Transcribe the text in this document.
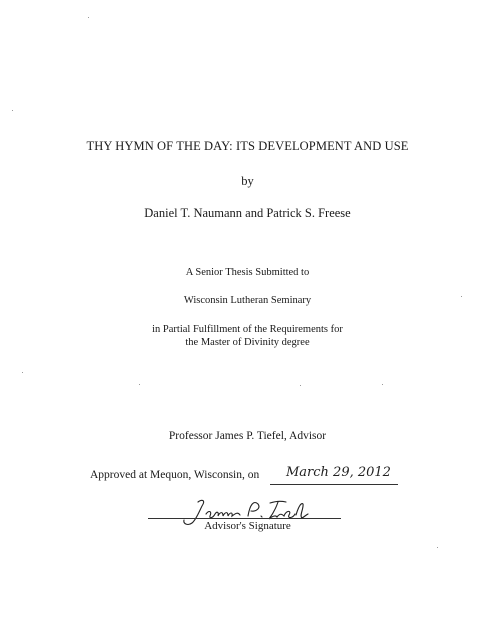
THY HYMN OF THE DAY: ITS DEVELOPMENT AND USE
by
Daniel T. Naumann and Patrick S. Freese
A Senior Thesis Submitted to
Wisconsin Lutheran Seminary
in Partial Fulfillment of the Requirements for
the Master of Divinity degree
Professor James P. Tiefel, Advisor
Approved at Mequon, Wisconsin, on March 29, 2012
Advisor's Signature
